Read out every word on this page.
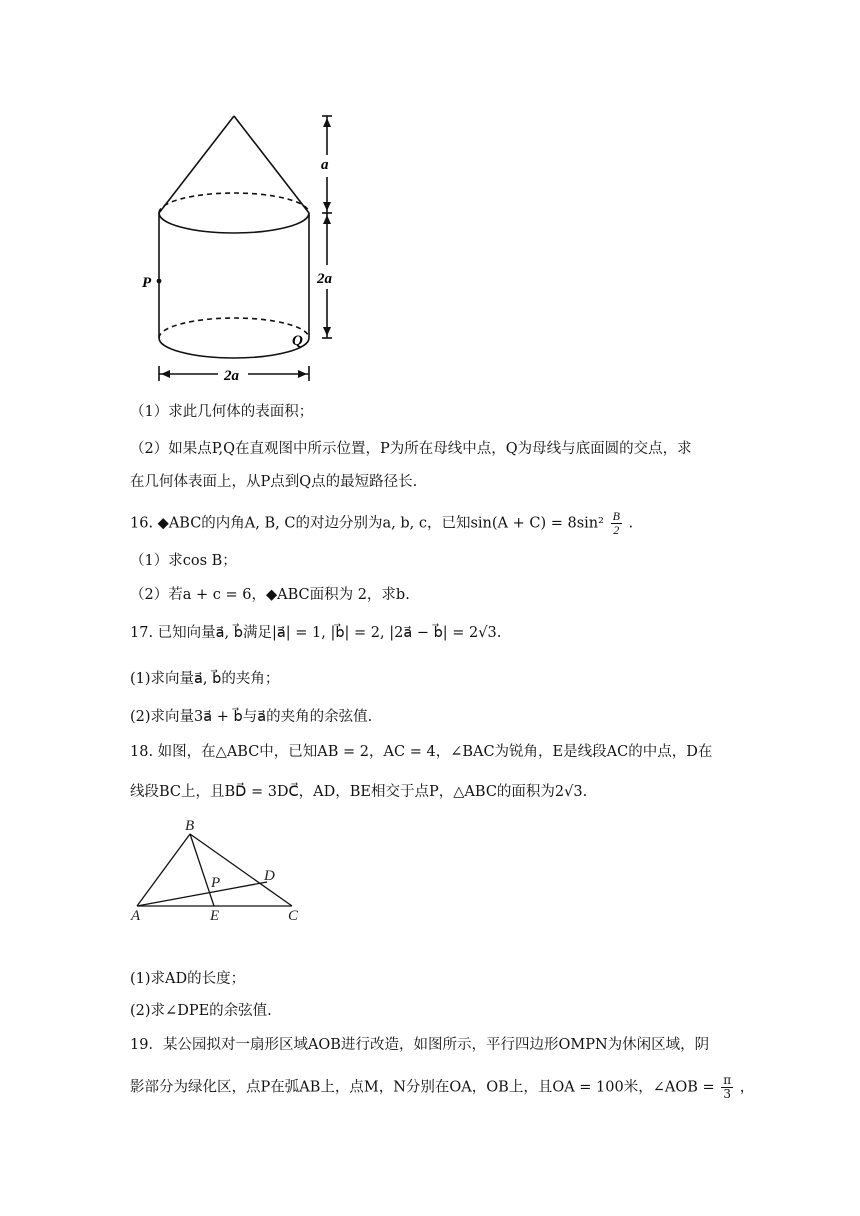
a
2a
2a
P
Q
（1）求此几何体的表面积；
（2）如果点P,Q在直观图中所示位置，P为所在母线中点，Q为母线与底面圆的交点，求
在几何体表面上，从P点到Q点的最短路径长.
16. ◆ABC的内角A, B, C的对边分别为a, b, c，已知$\sin(A + C) = 8\sin^2 \frac{B}{2}$ .
（1）求cos B；
（2）若a + c = 6，◆ABC面积为 2，求b.
17. 已知向量a⃗, b⃗满足|a⃗| = 1, |b⃗| = 2, |2a⃗ − b⃗| = 2√3.
(1)求向量a⃗, b⃗的夹角；
(2)求向量3a⃗ + b⃗与a⃗的夹角的余弦值.
18. 如图，在△ABC中，已知AB = 2，AC = 4，∠BAC为锐角，E是线段AC的中点，D在
线段BC上，且BD⃗ = 3DC⃗，AD，BE相交于点P，△ABC的面积为2√3.
B
A	E	C
D
P
(1)求AD的长度；
(2)求∠DPE的余弦值.
19．某公园拟对一扇形区域AOB进行改造，如图所示，平行四边形OMPN为休闲区域，阴
影部分为绿化区，点P在弧AB上，点M，N分别在OA，OB上，且OA = 100米，∠AOB = $\frac{\pi}{3}$ ，
